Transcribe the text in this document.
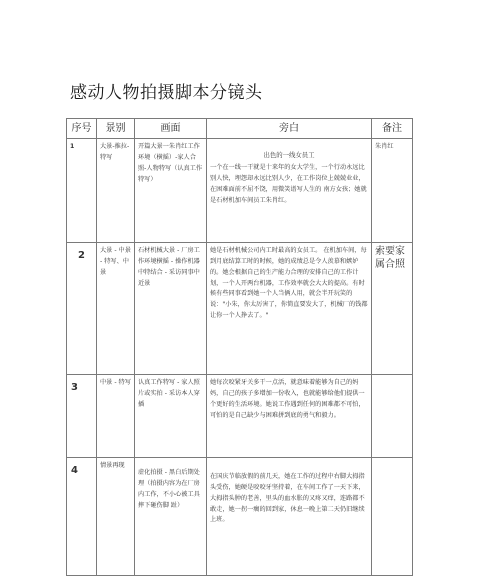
感动人物拍摄脚本分镜头
序号	景别	画面	旁白	备注
1	大景-推拉-特写	开篇大景一朱肖红工作环境（横摇）-家人合照-人物特写（认真工作特写）	出色的一线女员工

一个在一线一干就是十来年的女大学生，一个行动永远比别人快，埋怨却永远比别人少，在工作岗位上兢兢业业，在困难面前不屈不饶，用微笑谱写人生的 南方女孩；她就是石材机加车间员工朱肖红。	朱肖红
2	大景 - 中景 - 特写、中景	石材机械大景 - 厂房工作环境横摇 - 操作机器中特结合 - 采访同事中近景	她是石材机械公司内工时最高的女员工。 在机加车间，每到月底结算工时的时候，她的成绩总是令人羡慕和嫉妒的。她会根据自己的生产能力合理的安排自己的工作计划，一个人开两台机器，工作效率就会大大的提高。有时候有些同事看到她一个人当俩人用，就会半开玩笑的说："小朱，你太厉害了，你简直要发大了，机械厂的钱都让你一个人挣去了。"	索要家属合照
3	中景 - 特写	认真工作特写 - 家人照片或实拍 - 采访本人穿插	她每次咬紧牙关多干一点活，就意味着能够为自己的妈妈，自己的孩子多增加一份收入，也就能够给他们提供一个更好的生活环境。她说工作遇到任何的困难都不可怕，可怕的是自己缺少与困难拼到底的勇气和毅力。	

4	情景再现	虚化拍摄 - 黑白后期处理（拍摄内容为在厂房内工作，不小心被工具摔下砸伤脚 趾）	在国庆节临放假的前几天，她在工作的过程中右脚大拇指头受伤，她硬是咬咬牙坚持着，在车间工作了一天下来，大拇指头肿的老善，里头的血水胀的又疼又痒，连路都不敢走，她一拐一瘸的回到家，休息一晚上第二天仍旧继续上班。	
